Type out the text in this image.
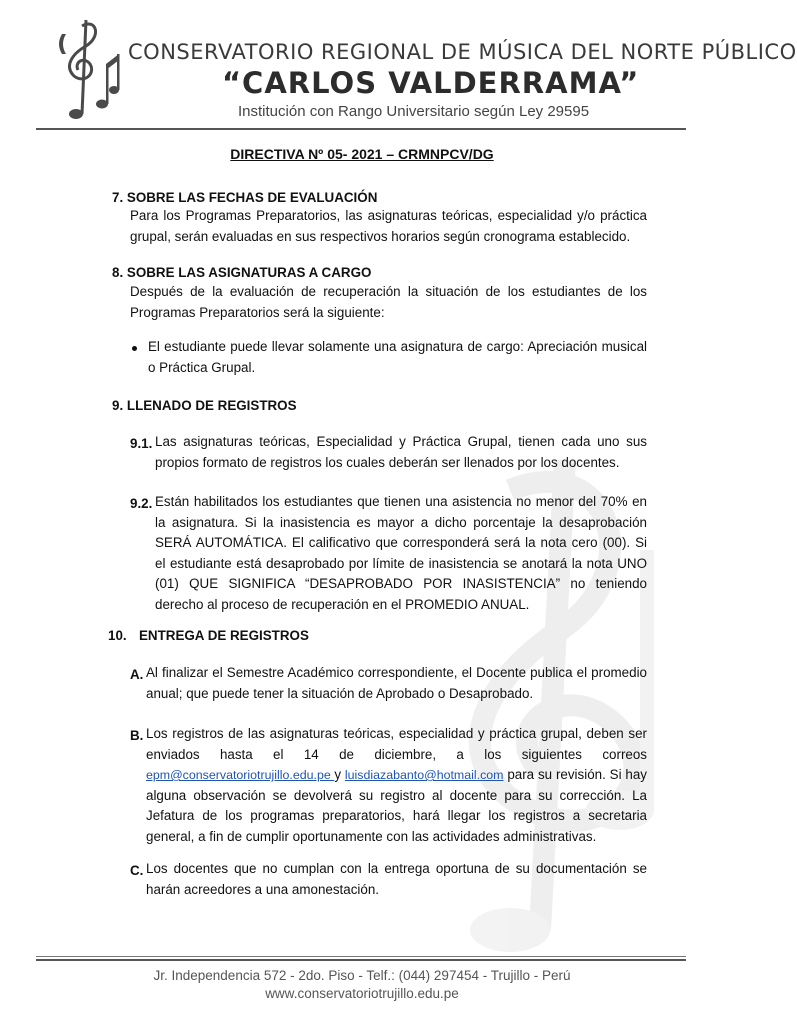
CONSERVATORIO REGIONAL DE MÚSICA DEL NORTE PÚBLICO
“CARLOS VALDERRAMA”
Institución con Rango Universitario según Ley 29595
DIRECTIVA Nº 05- 2021 – CRMNPCV/DG
7. SOBRE LAS FECHAS DE EVALUACIÓN
Para los Programas Preparatorios, las asignaturas teóricas, especialidad y/o práctica grupal, serán evaluadas en sus respectivos horarios según cronograma establecido.
8. SOBRE LAS ASIGNATURAS A CARGO
Después de la evaluación de recuperación la situación de los estudiantes de los Programas Preparatorios será la siguiente:
El estudiante puede llevar solamente una asignatura de cargo: Apreciación musical o Práctica Grupal.
9. LLENADO DE REGISTROS
9.1. Las asignaturas teóricas, Especialidad y Práctica Grupal, tienen cada uno sus propios formato de registros los cuales deberán ser llenados por los docentes.
9.2. Están habilitados los estudiantes que tienen una asistencia no menor del 70% en la asignatura. Si la inasistencia es mayor a dicho porcentaje la desaprobación SERÁ AUTOMÁTICA. El calificativo que corresponderá será la nota cero (00). Si el estudiante está desaprobado por límite de inasistencia se anotará la nota UNO (01) QUE SIGNIFICA “DESAPROBADO POR INASISTENCIA” no teniendo derecho al proceso de recuperación en el PROMEDIO ANUAL.
10. ENTREGA DE REGISTROS
A. Al finalizar el Semestre Académico correspondiente, el Docente publica el promedio anual; que puede tener la situación de Aprobado o Desaprobado.
B. Los registros de las asignaturas teóricas, especialidad y práctica grupal, deben ser enviados hasta el 14 de diciembre, a los siguientes correos epm@conservatoriotrujillo.edu.pe y luisdiazabanto@hotmail.com para su revisión. Si hay alguna observación se devolverá su registro al docente para su corrección. La Jefatura de los programas preparatorios, hará llegar los registros a secretaria general, a fin de cumplir oportunamente con las actividades administrativas.
C. Los docentes que no cumplan con la entrega oportuna de su documentación se harán acreedores a una amonestación.
Jr. Independencia 572 - 2do. Piso - Telf.: (044) 297454 - Trujillo - Perú
www.conservatoriotrujillo.edu.pe
